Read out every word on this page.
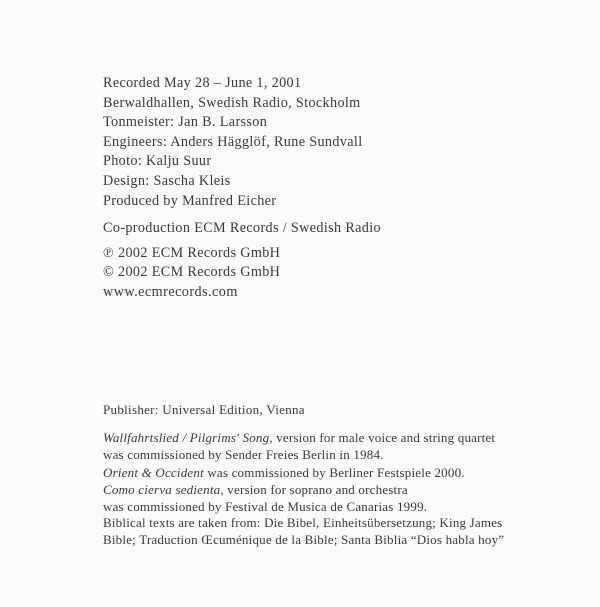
Recorded May 28 – June 1, 2001
Berwaldhallen, Swedish Radio, Stockholm
Tonmeister: Jan B. Larsson
Engineers: Anders Hägglöf, Rune Sundvall
Photo: Kalju Suur
Design: Sascha Kleis
Produced by Manfred Eicher
Co-production ECM Records / Swedish Radio
℗ 2002 ECM Records GmbH
© 2002 ECM Records GmbH
www.ecmrecords.com
Publisher: Universal Edition, Vienna
Wallfahrtslied / Pilgrims' Song, version for male voice and string quartet
was commissioned by Sender Freies Berlin in 1984.
Orient & Occident was commissioned by Berliner Festspiele 2000.
Como cierva sedienta, version for soprano and orchestra
was commissioned by Festival de Musica de Canarias 1999.
Biblical texts are taken from: Die Bibel, Einheitsübersetzung; King James
Bible; Traduction Œcuménique de la Bible; Santa Biblia “Dios habla hoy”
